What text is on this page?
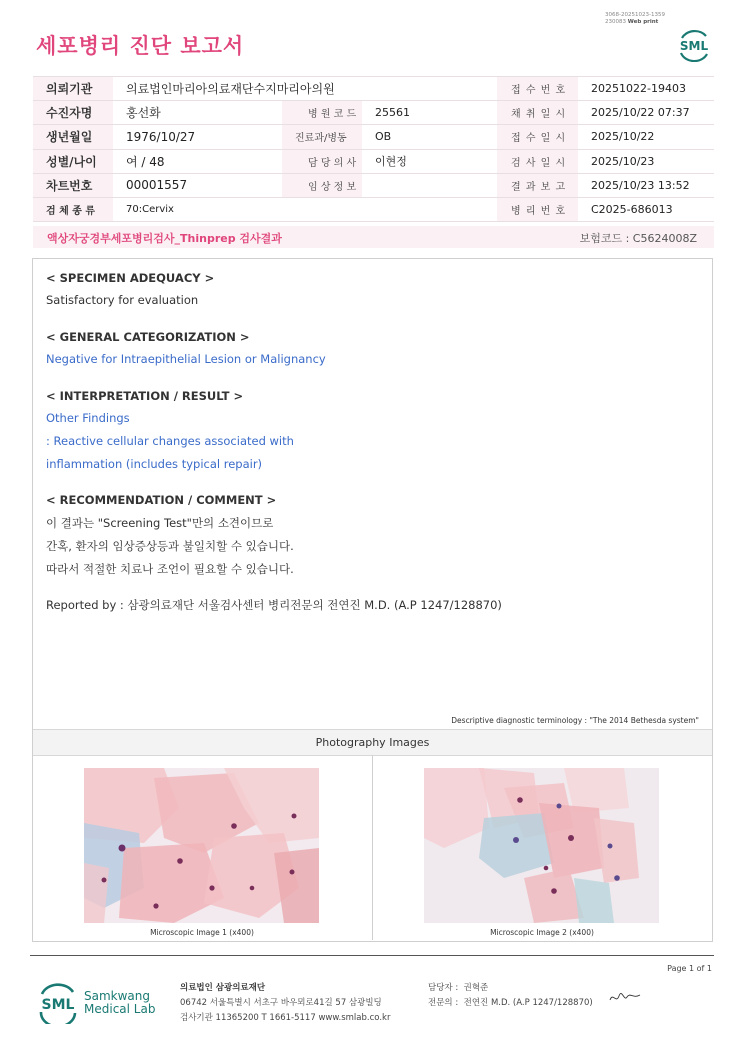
세포병리 진단 보고서
3068-20251023-1359
230083 Web print
SML
의뢰기관	의료법인마리아의료재단수지마리아의원			접 수 번 호	20251022-19403
수진자명	홍선화	병 원 코 드	25561	채 취 일 시	2025/10/22 07:37
생년월일	1976/10/27	진료과/병동	OB	접 수 일 시	2025/10/22
성별/나이	여 / 48	담 당 의 사	이현정	검 사 일 시	2025/10/23
차트번호	00001557	임 상 정 보		결 과 보 고	2025/10/23 13:52
검 체 종 류	70:Cervix			병 리 번 호	C2025-686013
액상자궁경부세포병리검사_Thinprep 검사결과	보험코드 : C5624008Z
< SPECIMEN ADEQUACY >
Satisfactory for evaluation
< GENERAL CATEGORIZATION >
Negative for Intraepithelial Lesion or Malignancy
< INTERPRETATION / RESULT >
Other Findings
: Reactive cellular changes associated with
inflammation (includes typical repair)
< RECOMMENDATION / COMMENT >
이 결과는 "Screening Test"만의 소견이므로
간혹, 환자의 임상증상등과 불일치할 수 있습니다.
따라서 적절한 치료나 조언이 필요할 수 있습니다.
Reported by : 삼광의료재단 서울검사센터 병리전문의 전연진 M.D. (A.P 1247/128870)
Descriptive diagnostic terminology : "The 2014 Bethesda system"
Photography Images
Microscopic Image 1 (x400)	Microscopic Image 2 (x400)
Page 1 of 1
SML
Samkwang
Medical Lab
의료법인 삼광의료재단
06742 서울특별시 서초구 바우뫼로41길 57 삼광빌딩
검사기관 11365200 T 1661-5117 www.smlab.co.kr
담당자 : 권혁준
전문의 : 전연진 M.D. (A.P 1247/128870)
